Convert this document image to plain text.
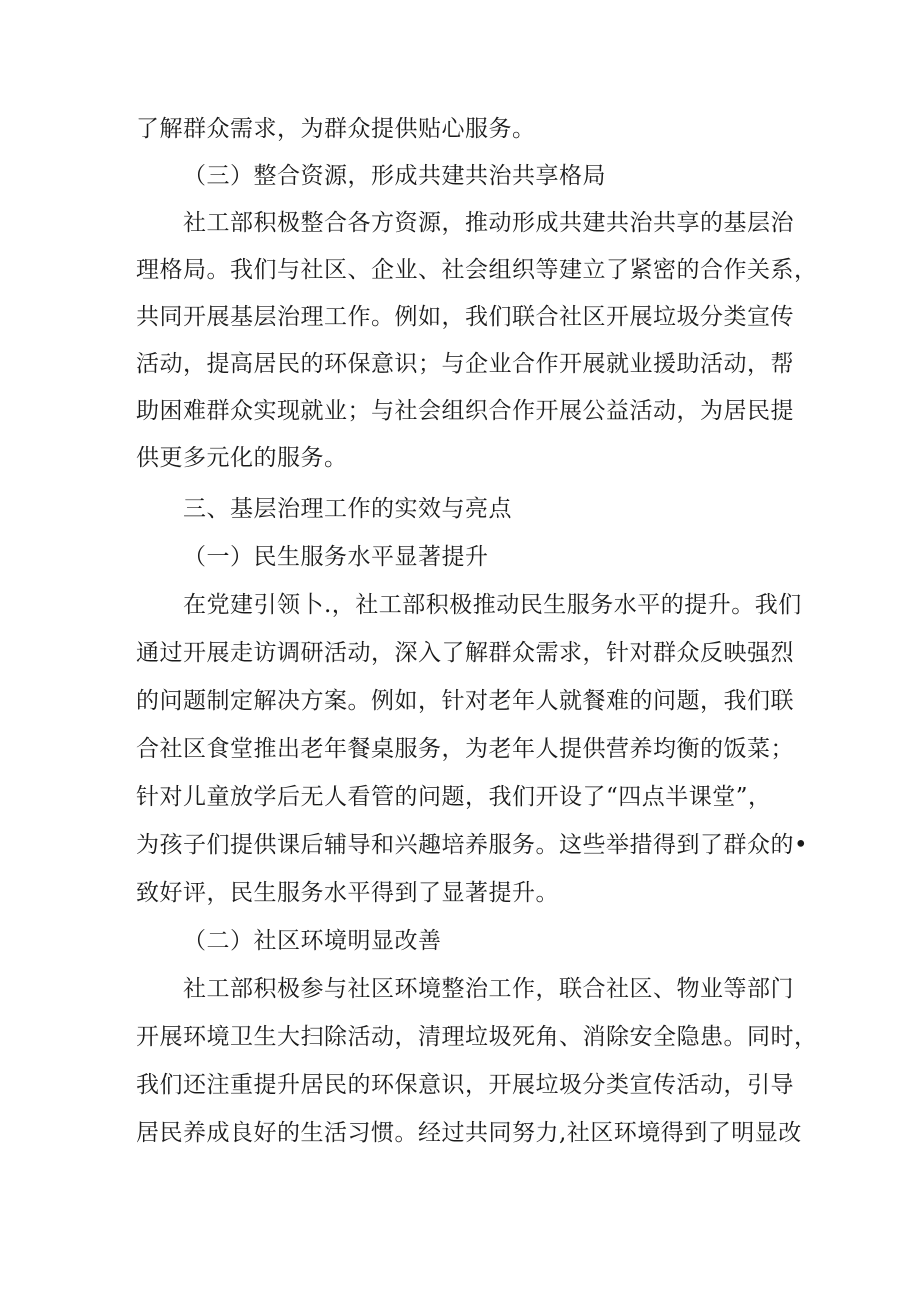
了解群众需求，为群众提供贴心服务。
（三）整合资源，形成共建共治共享格局
社工部积极整合各方资源，推动形成共建共治共享的基层治
理格局。我们与社区、企业、社会组织等建立了紧密的合作关系，
共同开展基层治理工作。例如，我们联合社区开展垃圾分类宣传
活动，提高居民的环保意识；与企业合作开展就业援助活动，帮
助困难群众实现就业；与社会组织合作开展公益活动，为居民提
供更多元化的服务。
三、基层治理工作的实效与亮点
（一）民生服务水平显著提升
在党建引领卜.，社工部积极推动民生服务水平的提升。我们
通过开展走访调研活动，深入了解群众需求，针对群众反映强烈
的问题制定解决方案。例如，针对老年人就餐难的问题，我们联
合社区食堂推出老年餐桌服务，为老年人提供营养均衡的饭菜；
针对儿童放学后无人看管的问题，我们开设了“四点半课堂”，
为孩子们提供课后辅导和兴趣培养服务。这些举措得到了群众的•
致好评，民生服务水平得到了显著提升。
（二）社区环境明显改善
社工部积极参与社区环境整治工作，联合社区、物业等部门
开展环境卫生大扫除活动，清理垃圾死角、消除安全隐患。同时，
我们还注重提升居民的环保意识，开展垃圾分类宣传活动，引导
居民养成良好的生活习惯。经过共同努力,社区环境得到了明显改
